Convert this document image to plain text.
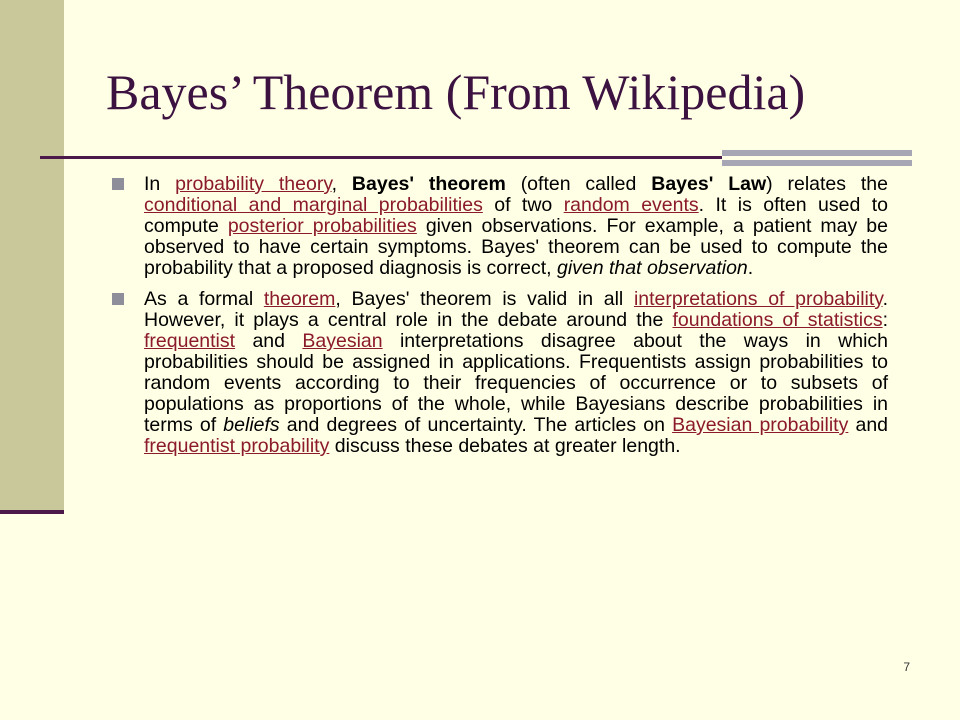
Bayes’ Theorem (From Wikipedia)

In probability theory, Bayes' theorem (often called Bayes' Law) relates the conditional and marginal probabilities of two random events. It is often used to compute posterior probabilities given observations. For example, a patient may be observed to have certain symptoms. Bayes' theorem can be used to compute the probability that a proposed diagnosis is correct, given that observation.

As a formal theorem, Bayes' theorem is valid in all interpretations of probability. However, it plays a central role in the debate around the foundations of statistics: frequentist and Bayesian interpretations disagree about the ways in which probabilities should be assigned in applications. Frequentists assign probabilities to random events according to their frequencies of occurrence or to subsets of populations as proportions of the whole, while Bayesians describe probabilities in terms of beliefs and degrees of uncertainty. The articles on Bayesian probability and frequentist probability discuss these debates at greater length.

7
